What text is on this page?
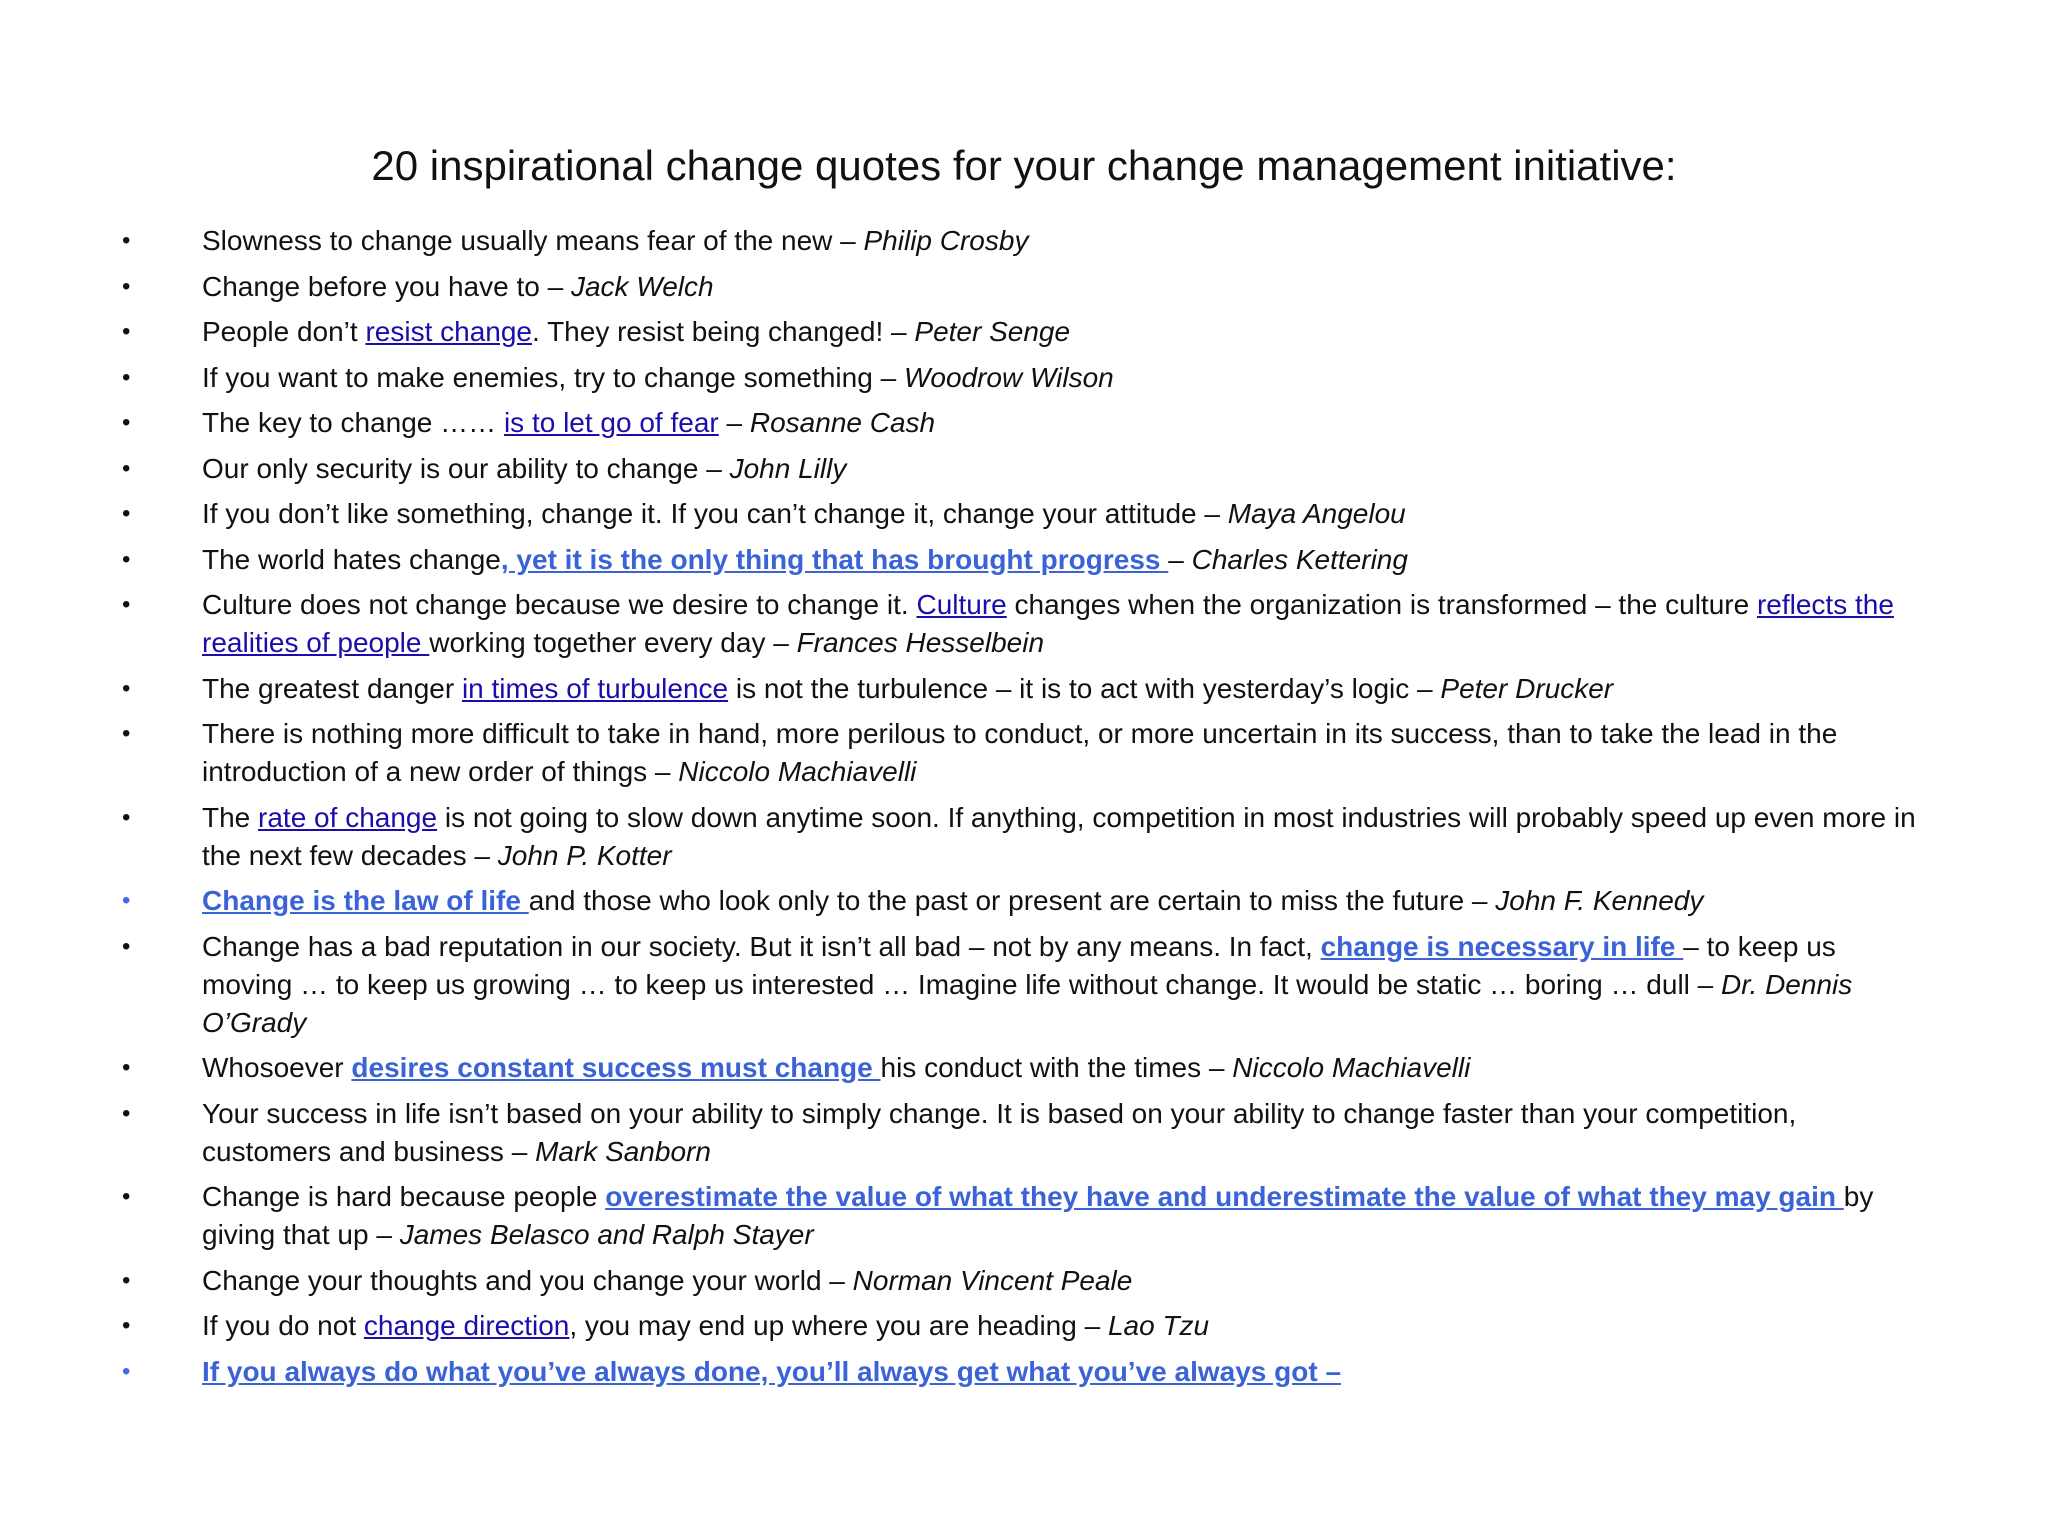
20 inspirational change quotes for your change management initiative:
•	Slowness to change usually means fear of the new – Philip Crosby
•	Change before you have to – Jack Welch
•	People don’t resist change. They resist being changed! – Peter Senge
•	If you want to make enemies, try to change something – Woodrow Wilson
•	The key to change …… is to let go of fear – Rosanne Cash
•	Our only security is our ability to change – John Lilly
•	If you don’t like something, change it. If you can’t change it, change your attitude – Maya Angelou
•	The world hates change, yet it is the only thing that has brought progress – Charles Kettering
•	Culture does not change because we desire to change it. Culture changes when the organization is transformed – the culture reflects the realities of people working together every day – Frances Hesselbein
•	The greatest danger in times of turbulence is not the turbulence – it is to act with yesterday’s logic – Peter Drucker
•	There is nothing more difficult to take in hand, more perilous to conduct, or more uncertain in its success, than to take the lead in the introduction of a new order of things – Niccolo Machiavelli
•	The rate of change is not going to slow down anytime soon. If anything, competition in most industries will probably speed up even more in the next few decades – John P. Kotter
•	Change is the law of life and those who look only to the past or present are certain to miss the future – John F. Kennedy
•	Change has a bad reputation in our society. But it isn’t all bad – not by any means. In fact, change is necessary in life – to keep us moving … to keep us growing … to keep us interested … Imagine life without change. It would be static … boring … dull – Dr. Dennis O’Grady
•	Whosoever desires constant success must change his conduct with the times – Niccolo Machiavelli
•	Your success in life isn’t based on your ability to simply change. It is based on your ability to change faster than your competition, customers and business – Mark Sanborn
•	Change is hard because people overestimate the value of what they have and underestimate the value of what they may gain by giving that up – James Belasco and Ralph Stayer
•	Change your thoughts and you change your world – Norman Vincent Peale
•	If you do not change direction, you may end up where you are heading – Lao Tzu
•	If you always do what you’ve always done, you’ll always get what you’ve always got –
